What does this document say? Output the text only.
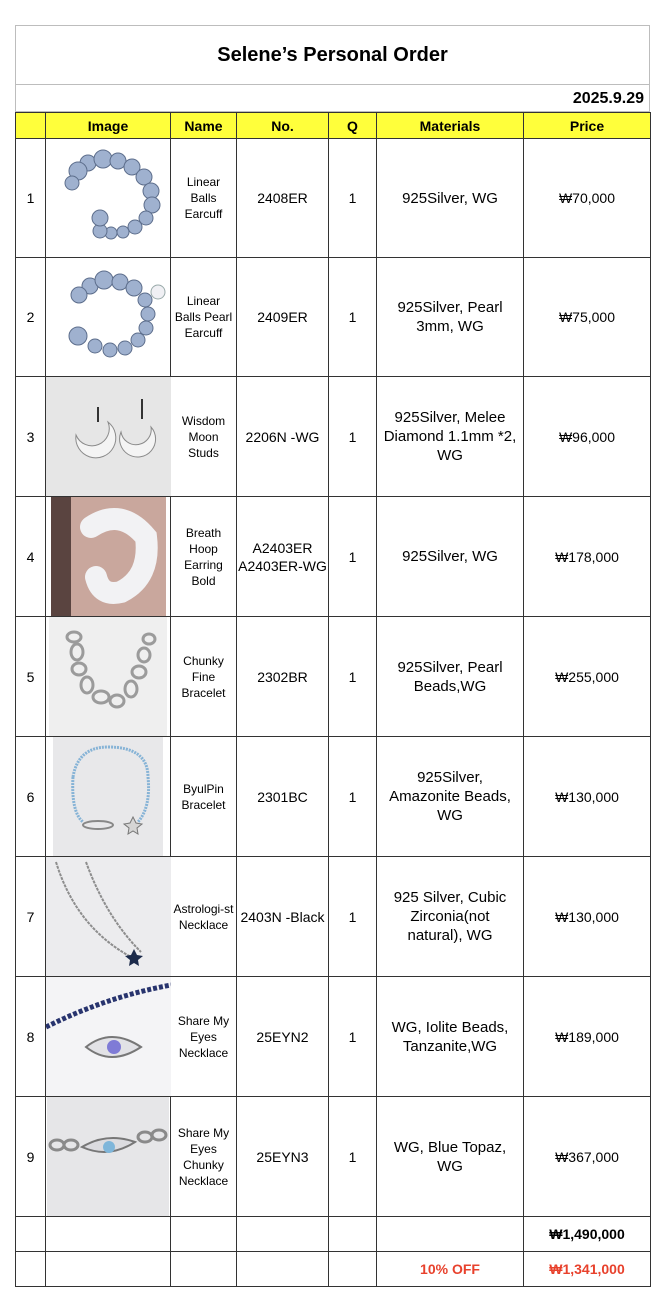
Selene’s Personal Order
2025.9.29
	Image	Name	No.	Q	Materials	Price
1		Linear Balls Earcuff	2408ER	1	925Silver, WG	₩70,000
2		Linear Balls Pearl Earcuff	2409ER	1	925Silver, Pearl 3mm, WG	₩75,000
3		Wisdom Moon Studs	2206N -WG	1	925Silver, Melee Diamond 1.1mm *2, WG	₩96,000
4		Breath Hoop Earring Bold	A2403ER A2403ER-WG	1	925Silver, WG	₩178,000
5		Chunky Fine Bracelet	2302BR	1	925Silver, Pearl Beads,WG	₩255,000
6		ByulPin Bracelet	2301BC	1	925Silver, Amazonite Beads, WG	₩130,000
7		Astrologi-st Necklace	2403N -Black	1	925 Silver, Cubic Zirconia(not natural), WG	₩130,000
8		Share My Eyes Necklace	25EYN2	1	WG, Iolite Beads, Tanzanite,WG	₩189,000
9		Share My Eyes Chunky Necklace	25EYN3	1	WG, Blue Topaz, WG	₩367,000
						₩1,490,000
					10% OFF	₩1,341,000
